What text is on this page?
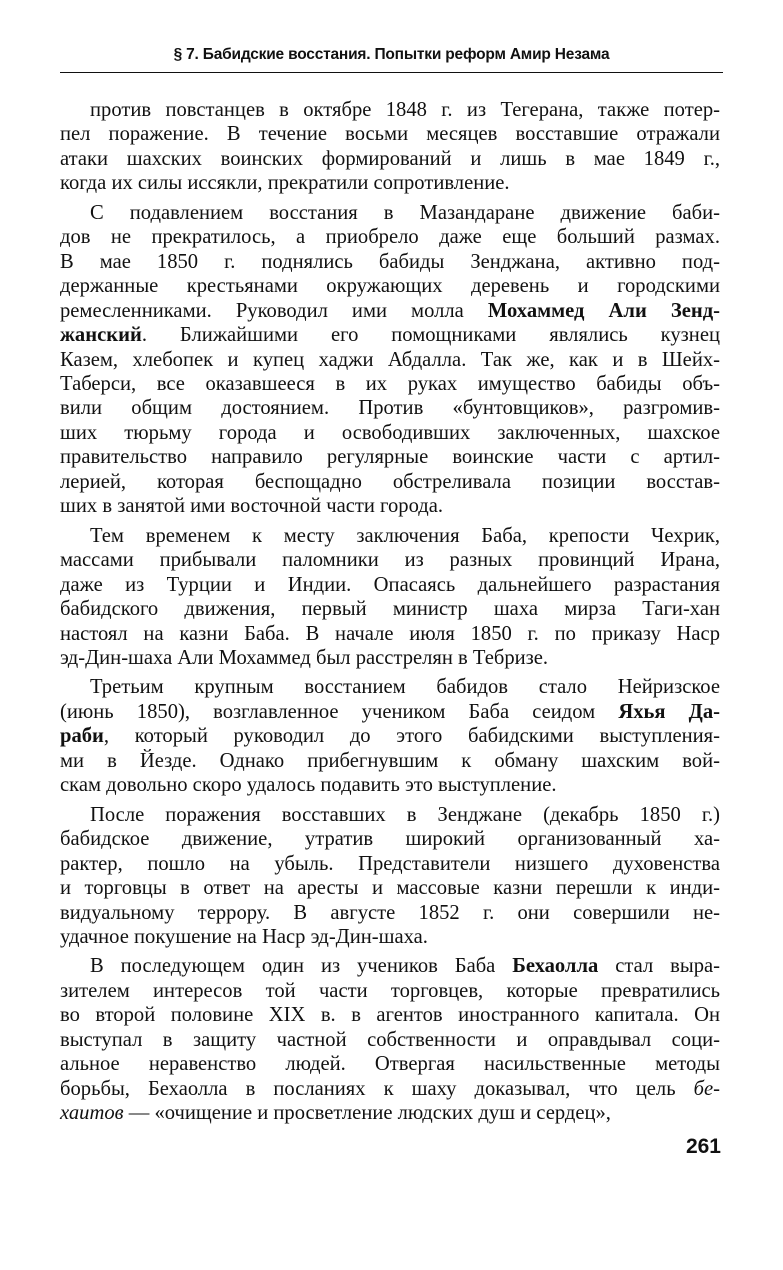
§ 7. Бабидские восстания. Попытки реформ Амир Незама
против повстанцев в октябре 1848 г. из Тегерана, также потер-
пел поражение. В течение восьми месяцев восставшие отражали
атаки шахских воинских формирований и лишь в мае 1849 г.,
когда их силы иссякли, прекратили сопротивление.
С подавлением восстания в Мазандаране движение баби-
дов не прекратилось, а приобрело даже еще больший размах.
В мае 1850 г. поднялись бабиды Зенджана, активно под-
держанные крестьянами окружающих деревень и городскими
ремесленниками. Руководил ими молла Мохаммед Али Зенд-
жанский. Ближайшими его помощниками являлись кузнец
Казем, хлебопек и купец хаджи Абдалла. Так же, как и в Шейх-
Таберси, все оказавшееся в их руках имущество бабиды объ-
вили общим достоянием. Против «бунтовщиков», разгромив-
ших тюрьму города и освободивших заключенных, шахское
правительство направило регулярные воинские части с артил-
лерией, которая беспощадно обстреливала позиции восстав-
ших в занятой ими восточной части города.
Тем временем к месту заключения Баба, крепости Чехрик,
массами прибывали паломники из разных провинций Ирана,
даже из Турции и Индии. Опасаясь дальнейшего разрастания
бабидского движения, первый министр шаха мирза Таги-хан
настоял на казни Баба. В начале июля 1850 г. по приказу Наср
эд-Дин-шаха Али Мохаммед был расстрелян в Тебризе.
Третьим крупным восстанием бабидов стало Нейризское
(июнь 1850), возглавленное учеником Баба сеидом Яхья Да-
раби, который руководил до этого бабидскими выступления-
ми в Йезде. Однако прибегнувшим к обману шахским вой-
скам довольно скоро удалось подавить это выступление.
После поражения восставших в Зенджане (декабрь 1850 г.)
бабидское движение, утратив широкий организованный ха-
рактер, пошло на убыль. Представители низшего духовенства
и торговцы в ответ на аресты и массовые казни перешли к инди-
видуальному террору. В августе 1852 г. они совершили не-
удачное покушение на Наср эд-Дин-шаха.
В последующем один из учеников Баба Бехаолла стал выра-
зителем интересов той части торговцев, которые превратились
во второй половине XIX в. в агентов иностранного капитала. Он
выступал в защиту частной собственности и оправдывал соци-
альное неравенство людей. Отвергая насильственные методы
борьбы, Бехаолла в посланиях к шаху доказывал, что цель бе-
хаитов — «очищение и просветление людских душ и сердец»,
261
